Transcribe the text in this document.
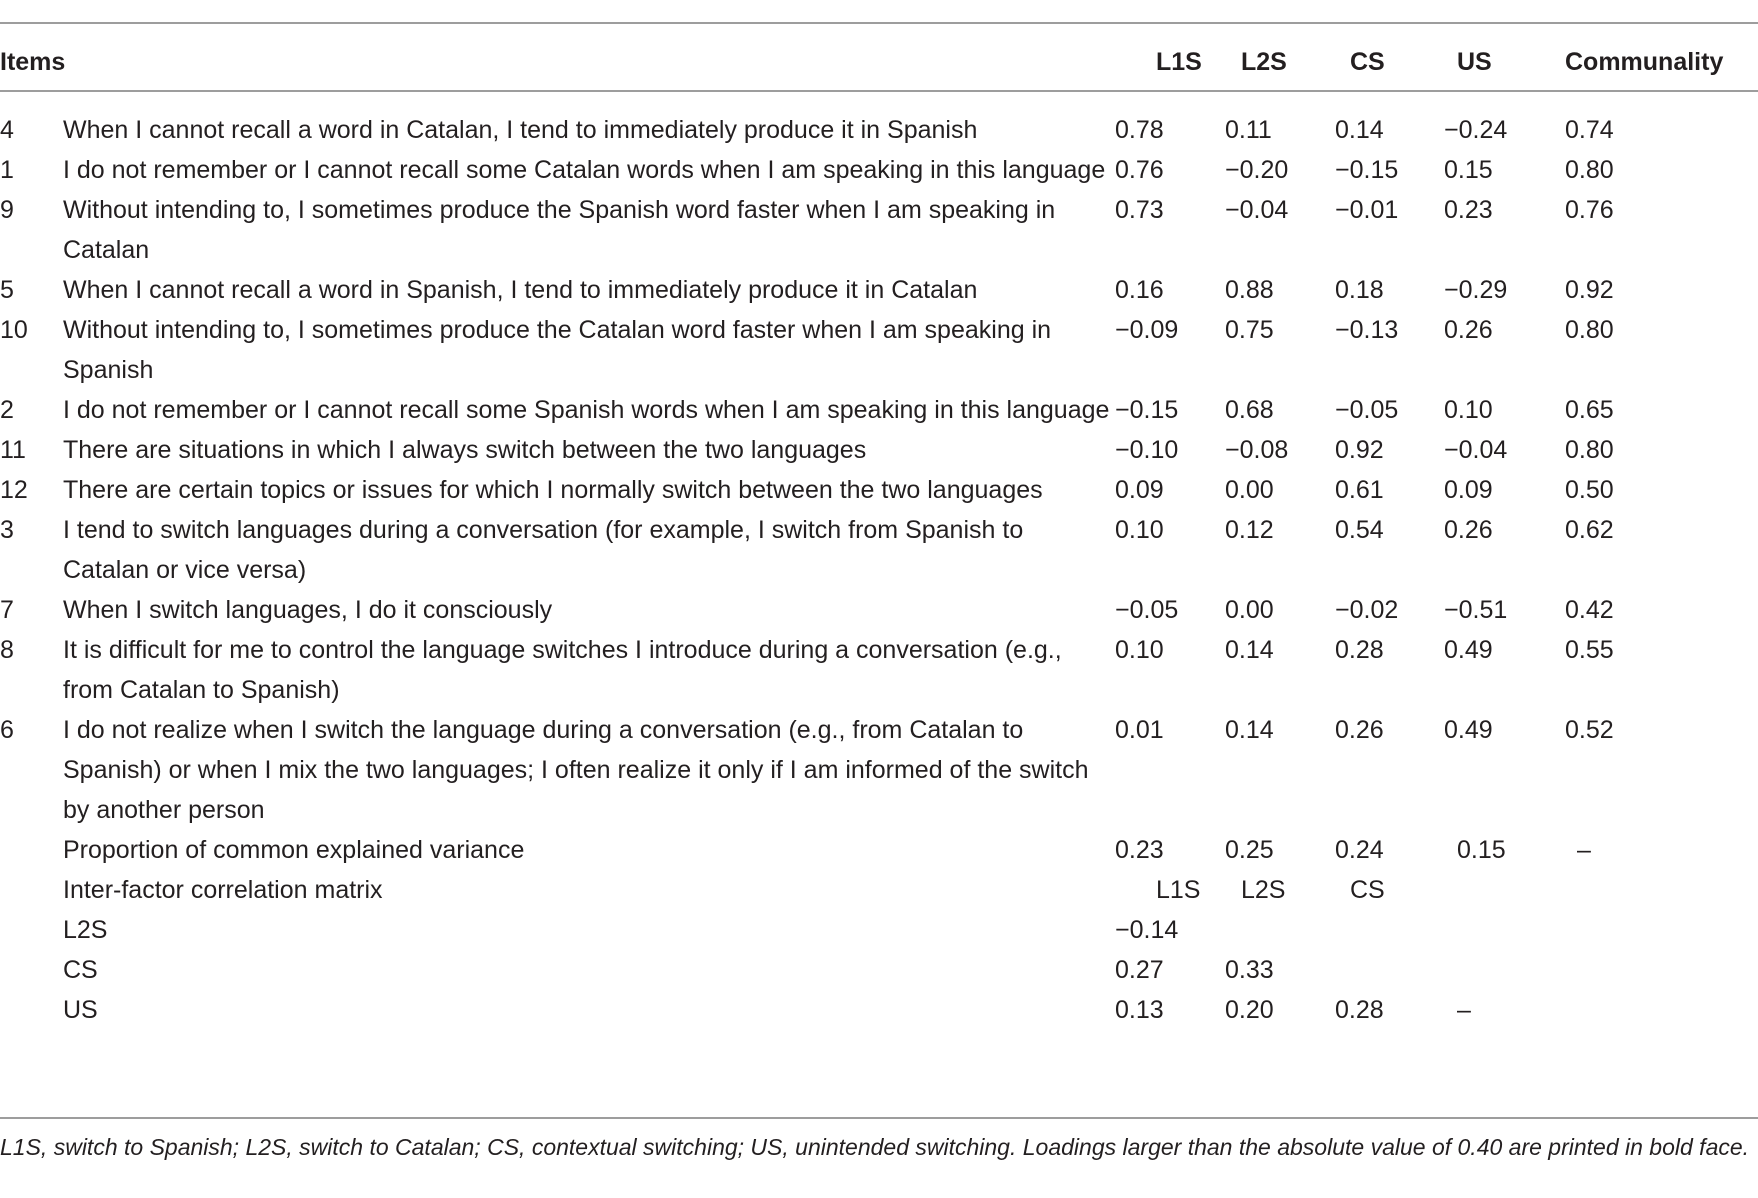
Items		L1S	L2S	CS	US	Communality
4	When I cannot recall a word in Catalan, I tend to immediately produce it in Spanish	0.78	0.11	0.14	−0.24	0.74
1	I do not remember or I cannot recall some Catalan words when I am speaking in this language	0.76	−0.20	−0.15	0.15	0.80
9	Without intending to, I sometimes produce the Spanish word faster when I am speaking in Catalan	0.73	−0.04	−0.01	0.23	0.76
5	When I cannot recall a word in Spanish, I tend to immediately produce it in Catalan	0.16	0.88	0.18	−0.29	0.92
10	Without intending to, I sometimes produce the Catalan word faster when I am speaking in Spanish	−0.09	0.75	−0.13	0.26	0.80
2	I do not remember or I cannot recall some Spanish words when I am speaking in this language	−0.15	0.68	−0.05	0.10	0.65
11	There are situations in which I always switch between the two languages	−0.10	−0.08	0.92	−0.04	0.80
12	There are certain topics or issues for which I normally switch between the two languages	0.09	0.00	0.61	0.09	0.50
3	I tend to switch languages during a conversation (for example, I switch from Spanish to Catalan or vice versa)	0.10	0.12	0.54	0.26	0.62
7	When I switch languages, I do it consciously	−0.05	0.00	−0.02	−0.51	0.42
8	It is difficult for me to control the language switches I introduce during a conversation (e.g., from Catalan to Spanish)	0.10	0.14	0.28	0.49	0.55
6	I do not realize when I switch the language during a conversation (e.g., from Catalan to Spanish) or when I mix the two languages; I often realize it only if I am informed of the switch by another person	0.01	0.14	0.26	0.49	0.52
	Proportion of common explained variance	0.23	0.25	0.24	0.15	–
	Inter-factor correlation matrix	L1S	L2S	CS		
	L2S	−0.14				
	CS	0.27	0.33			
	US	0.13	0.20	0.28	–	
L1S, switch to Spanish; L2S, switch to Catalan; CS, contextual switching; US, unintended switching. Loadings larger than the absolute value of 0.40 are printed in bold face.
